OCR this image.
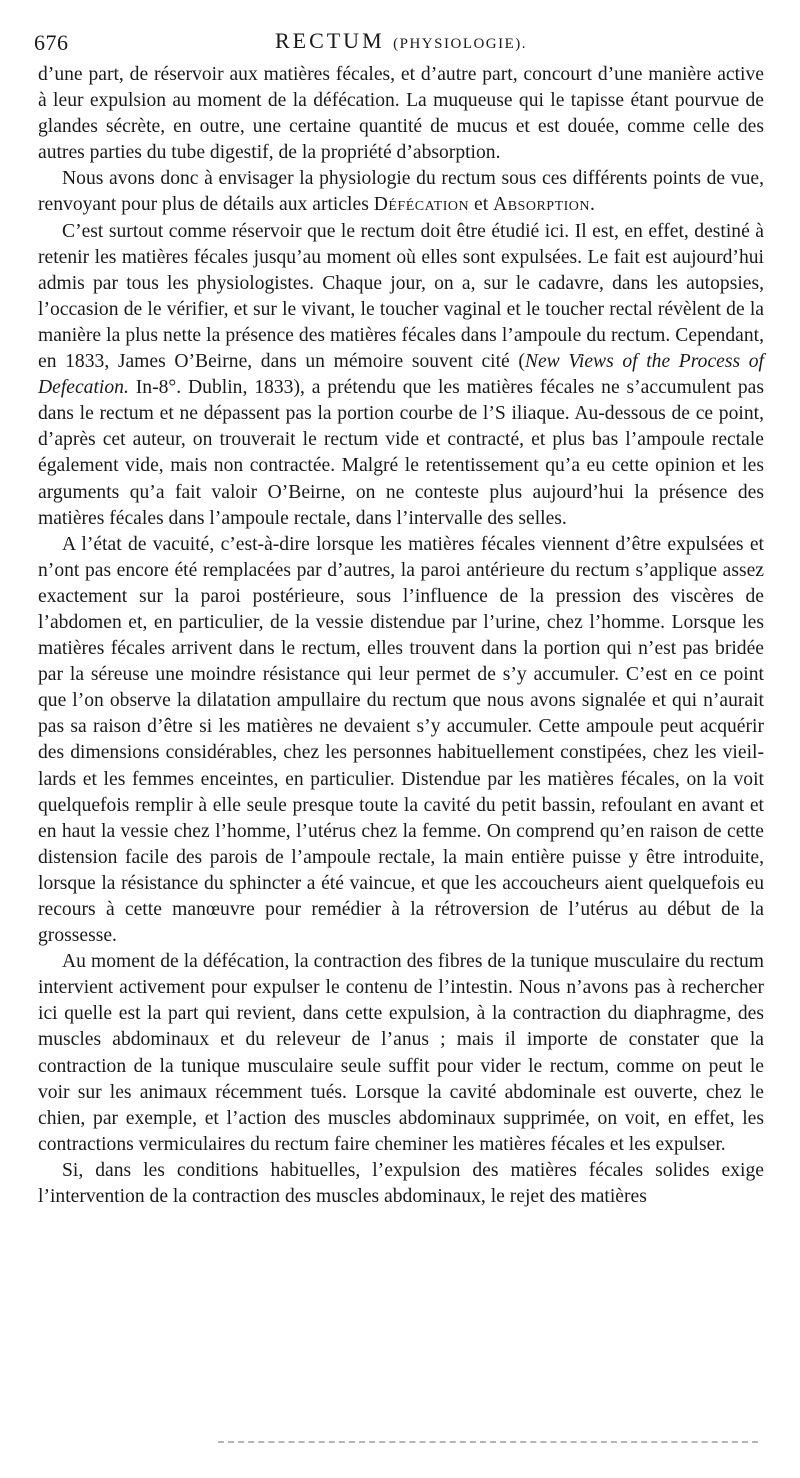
676	RECTUM (PHYSIOLOGIE).

d’une part, de réservoir aux matières fécales, et d’autre part, concourt d’une manière active à leur expulsion au moment de la défécation. La muqueuse qui le tapisse étant pourvue de glandes sécrète, en outre, une certaine quantité de mucus et est douée, comme celle des autres parties du tube digestif, de la propriété d’absorption.

Nous avons donc à envisager la physiologie du rectum sous ces différents points de vue, renvoyant pour plus de détails aux articles Défécation et Absorption.

C’est surtout comme réservoir que le rectum doit être étudié ici. Il est, en effet, destiné à retenir les matières fécales jusqu’au moment où elles sont expulsées. Le fait est aujourd’hui admis par tous les physiologistes. Chaque jour, on a, sur le cadavre, dans les autopsies, l’occasion de le vérifier, et sur le vivant, le toucher vaginal et le toucher rectal révèlent de la manière la plus nette la présence des matières fécales dans l’ampoule du rectum. Cependant, en 1833, James O’Beirne, dans un mémoire souvent cité (New Views of the Process of Defecation. In-8°. Dublin, 1833), a prétendu que les matières fécales ne s’accumulent pas dans le rectum et ne dépassent pas la portion courbe de l’S iliaque. Au-dessous de ce point, d’après cet auteur, on trouverait le rectum vide et contracté, et plus bas l’ampoule rectale également vide, mais non contractée. Malgré le retentissement qu’a eu cette opinion et les arguments qu’a fait valoir O’Beirne, on ne conteste plus aujourd’hui la présence des matières fécales dans l’ampoule rectale, dans l’intervalle des selles.

A l’état de vacuité, c’est-à-dire lorsque les matières fécales viennent d’être expulsées et n’ont pas encore été remplacées par d’autres, la paroi antérieure du rectum s’applique assez exactement sur la paroi postérieure, sous l’influence de la pression des viscères de l’abdomen et, en particulier, de la vessie distendue par l’urine, chez l’homme. Lorsque les matières fécales arrivent dans le rectum, elles trouvent dans la portion qui n’est pas bridée par la séreuse une moindre résistance qui leur permet de s’y accumuler. C’est en ce point que l’on observe la dilatation ampullaire du rectum que nous avons signalée et qui n’aurait pas sa raison d’être si les matières ne devaient s’y accumuler. Cette ampoule peut acquérir des dimensions considérables, chez les personnes habituellement constipées, chez les vieillards et les femmes enceintes, en particulier. Distendue par les matières fécales, on la voit quelquefois remplir à elle seule presque toute la cavité du petit bassin, refoulant en avant et en haut la vessie chez l’homme, l’utérus chez la femme. On comprend qu’en raison de cette distension facile des parois de l’ampoule rectale, la main entière puisse y être introduite, lorsque la résistance du sphincter a été vaincue, et que les accoucheurs aient quelquefois eu recours à cette manœuvre pour remédier à la rétroversion de l’utérus au début de la grossesse.

Au moment de la défécation, la contraction des fibres de la tunique musculaire du rectum intervient activement pour expulser le contenu de l’intestin. Nous n’avons pas à rechercher ici quelle est la part qui revient, dans cette expulsion, à la contraction du diaphragme, des muscles abdominaux et du releveur de l’anus ; mais il importe de constater que la contraction de la tunique musculaire seule suffit pour vider le rectum, comme on peut le voir sur les animaux récemment tués. Lorsque la cavité abdominale est ouverte, chez le chien, par exemple, et l’action des muscles abdominaux supprimée, on voit, en effet, les contractions vermiculaires du rectum faire cheminer les matières fécales et les expulser.

Si, dans les conditions habituelles, l’expulsion des matières fécales solides exige l’intervention de la contraction des muscles abdominaux, le rejet des matières
